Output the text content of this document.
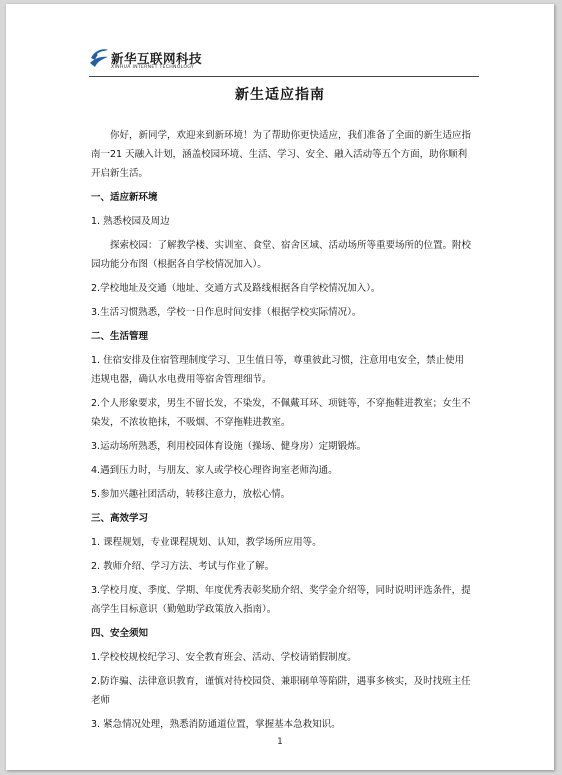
新华互联网科技
XINHUA INTERNET TECHNOLOGY
新生适应指南

你好，新同学，欢迎来到新环境！为了帮助你更快适应，我们准备了全面的新生适应指南一21 天融入计划，涵盖校园环境、生活、学习、安全、融入活动等五个方面，助你顺利开启新生活。

一、适应新环境

1. 熟悉校园及周边

探索校园：了解教学楼、实训室、食堂、宿舍区域、活动场所等重要场所的位置。附校园功能分布图（根据各自学校情况加入）。

2.学校地址及交通（地址、交通方式及路线根据各自学校情况加入）。

3.生活习惯熟悉，学校一日作息时间安排（根据学校实际情况）。

二、生活管理

1. 住宿安排及住宿管理制度学习、卫生值日等，尊重彼此习惯，注意用电安全，禁止使用违规电器，确认水电费用等宿舍管理细节。

2.个人形象要求，男生不留长发，不染发，不佩戴耳环、项链等，不穿拖鞋进教室；女生不染发，不浓妆艳抹，不吸烟、不穿拖鞋进教室。

3.运动场所熟悉，利用校园体育设施（操场、健身房）定期锻炼。

4.遇到压力时，与朋友、家人或学校心理咨询室老师沟通。

5.参加兴趣社团活动，转移注意力，放松心情。

三、高效学习

1. 课程规划，专业课程规划、认知，教学场所应用等。

2. 教师介绍、学习方法、考试与作业了解。

3.学校月度、季度、学期、年度优秀表彰奖励介绍、奖学金介绍等，同时说明评选条件，提高学生目标意识（勤勉助学政策放入指南）。

四、安全须知

1.学校校规校纪学习、安全教育班会、活动、学校请销假制度。

2.防诈骗、法律意识教育，谨慎对待校园贷、兼职刷单等陷阱，遇事多核实，及时找班主任老师

3. 紧急情况处理，熟悉消防通道位置，掌握基本急救知识。

1
